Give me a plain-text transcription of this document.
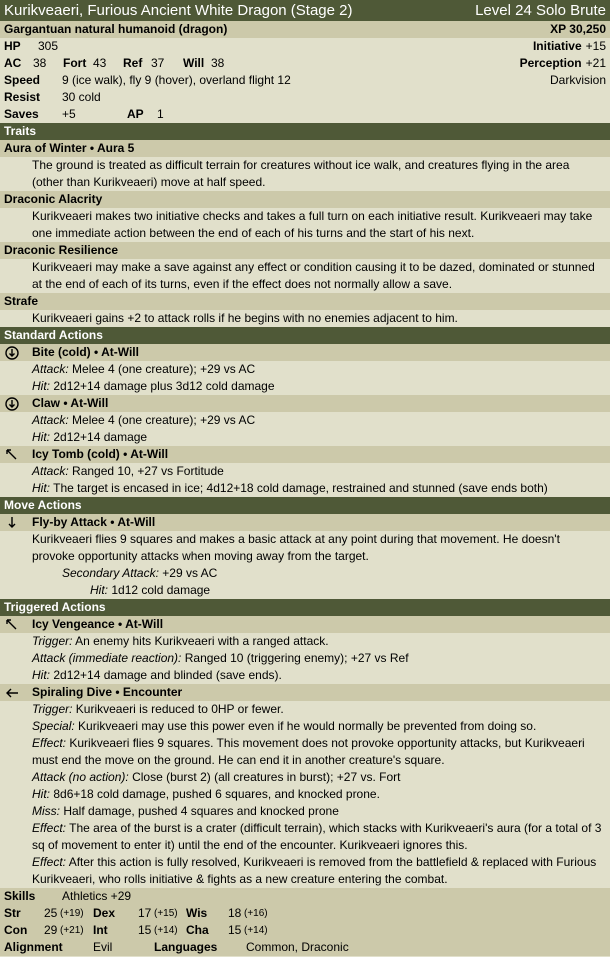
Kurikveaeri, Furious Ancient White Dragon (Stage 2)	Level 24 Solo Brute
Gargantuan natural humanoid (dragon)	XP 30,250
HP	305	Initiative +15
AC 38	Fort 43	Ref 37	Will 38	Perception +21
Speed	9 (ice walk), fly 9 (hover), overland flight 12	Darkvision
Resist	30 cold
Saves	+5	AP	1
Traits
Aura of Winter • Aura 5
The ground is treated as difficult terrain for creatures without ice walk, and creatures flying in the area (other than Kurikveaeri) move at half speed.
Draconic Alacrity
Kurikveaeri makes two initiative checks and takes a full turn on each initiative result. Kurikveaeri may take one immediate action between the end of each of his turns and the start of his next.
Draconic Resilience
Kurikveaeri may make a save against any effect or condition causing it to be dazed, dominated or stunned at the end of each of its turns, even if the effect does not normally allow a save.
Strafe
Kurikveaeri gains +2 to attack rolls if he begins with no enemies adjacent to him.
Standard Actions
Bite (cold) • At-Will
Attack: Melee 4 (one creature); +29 vs AC
Hit: 2d12+14 damage plus 3d12 cold damage
Claw • At-Will
Attack: Melee 4 (one creature); +29 vs AC
Hit: 2d12+14 damage
Icy Tomb (cold) • At-Will
Attack: Ranged 10, +27 vs Fortitude
Hit: The target is encased in ice; 4d12+18 cold damage, restrained and stunned (save ends both)
Move Actions
Fly-by Attack • At-Will
Kurikveaeri flies 9 squares and makes a basic attack at any point during that movement. He doesn't provoke opportunity attacks when moving away from the target.
Secondary Attack: +29 vs AC
Hit: 1d12 cold damage
Triggered Actions
Icy Vengeance • At-Will
Trigger: An enemy hits Kurikveaeri with a ranged attack.
Attack (immediate reaction): Ranged 10 (triggering enemy); +27 vs Ref
Hit: 2d12+14 damage and blinded (save ends).
Spiraling Dive • Encounter
Trigger: Kurikveaeri is reduced to 0HP or fewer.
Special: Kurikveaeri may use this power even if he would normally be prevented from doing so.
Effect: Kurikveaeri flies 9 squares. This movement does not provoke opportunity attacks, but Kurikveaeri must end the move on the ground. He can end it in another creature's square.
Attack (no action): Close (burst 2) (all creatures in burst); +27 vs. Fort
Hit: 8d6+18 cold damage, pushed 6 squares, and knocked prone.
Miss: Half damage, pushed 4 squares and knocked prone
Effect: The area of the burst is a crater (difficult terrain), which stacks with Kurikveaeri's aura (for a total of 3 sq of movement to enter it) until the end of the encounter. Kurikveaeri ignores this.
Effect: After this action is fully resolved, Kurikveaeri is removed from the battlefield & replaced with Furious Kurikveaeri, who rolls initiative & fights as a new creature entering the combat.
Skills	Athletics +29
Str	25 (+19) Dex	17 (+15) Wis	18 (+16)
Con	29 (+21) Int	15 (+14) Cha	15 (+14)
Alignment	Evil	Languages	Common, Draconic
